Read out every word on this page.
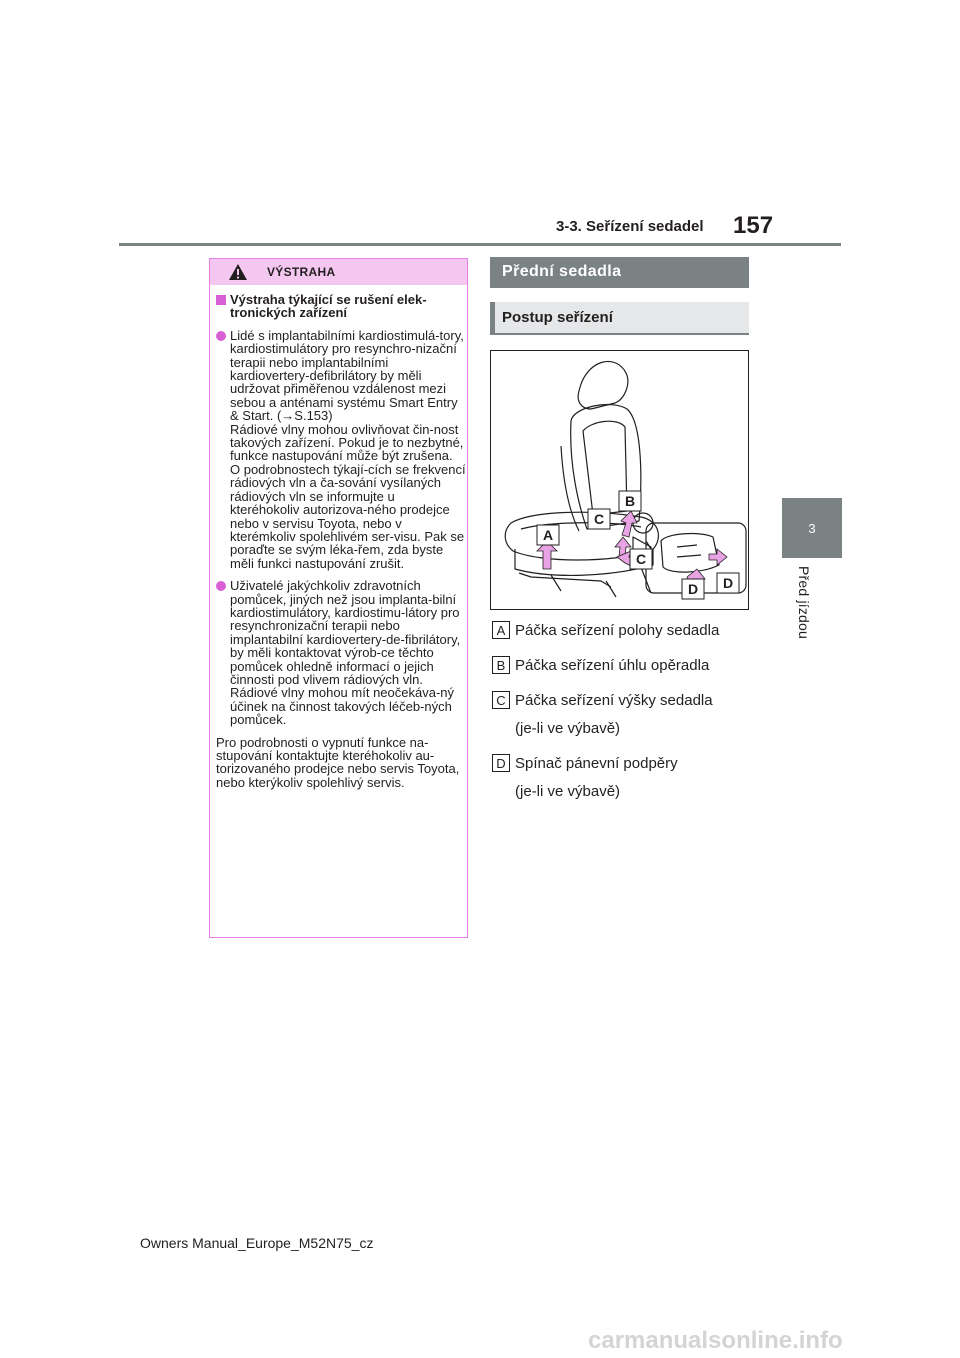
3-3. Seřízení sedadel 157
3
Před jízdou
VÝSTRAHA
Výstraha týkající se rušení elek-tronických zařízení
Lidé s implantabilními kardiostimulá-tory, kardiostimulátory pro resynchro-nizační terapii nebo implantabilními kardiovertery-defibrilátory by měli udržovat přiměřenou vzdálenost mezi sebou a anténami systému Smart Entry & Start. (→S.153)
Rádiové vlny mohou ovlivňovat čin-nost takových zařízení. Pokud je to nezbytné, funkce nastupování může být zrušena. O podrobnostech týkají-cích se frekvencí rádiových vln a ča-sování vysílaných rádiových vln se informujte u kteréhokoliv autorizova-ného prodejce nebo v servisu Toyota, nebo v kterémkoliv spolehlivém ser-visu. Pak se poraďte se svým léka-řem, zda byste měli funkci nastupování zrušit.
Uživatelé jakýchkoliv zdravotních pomůcek, jiných než jsou implanta-bilní kardiostimulátory, kardiostimu-látory pro resynchronizační terapii nebo implantabilní kardiovertery-de-fibrilátory, by měli kontaktovat výrob-ce těchto pomůcek ohledně informací o jejich činnosti pod vlivem rádiových vln.
Rádiové vlny mohou mít neočekáva-ný účinek na činnost takových léčeb-ných pomůcek.
Pro podrobnosti o vypnutí funkce na-stupování kontaktujte kteréhokoliv au-torizovaného prodejce nebo servis Toyota, nebo kterýkoliv spolehlivý servis.
Přední sedadla
Postup seřízení
A
B
C
C
D D
A Páčka seřízení polohy sedadla
B Páčka seřízení úhlu opěradla
C Páčka seřízení výšky sedadla
(je-li ve výbavě)
D Spínač pánevní podpěry
(je-li ve výbavě)
Owners Manual_Europe_M52N75_cz
carmanualsonline.info
